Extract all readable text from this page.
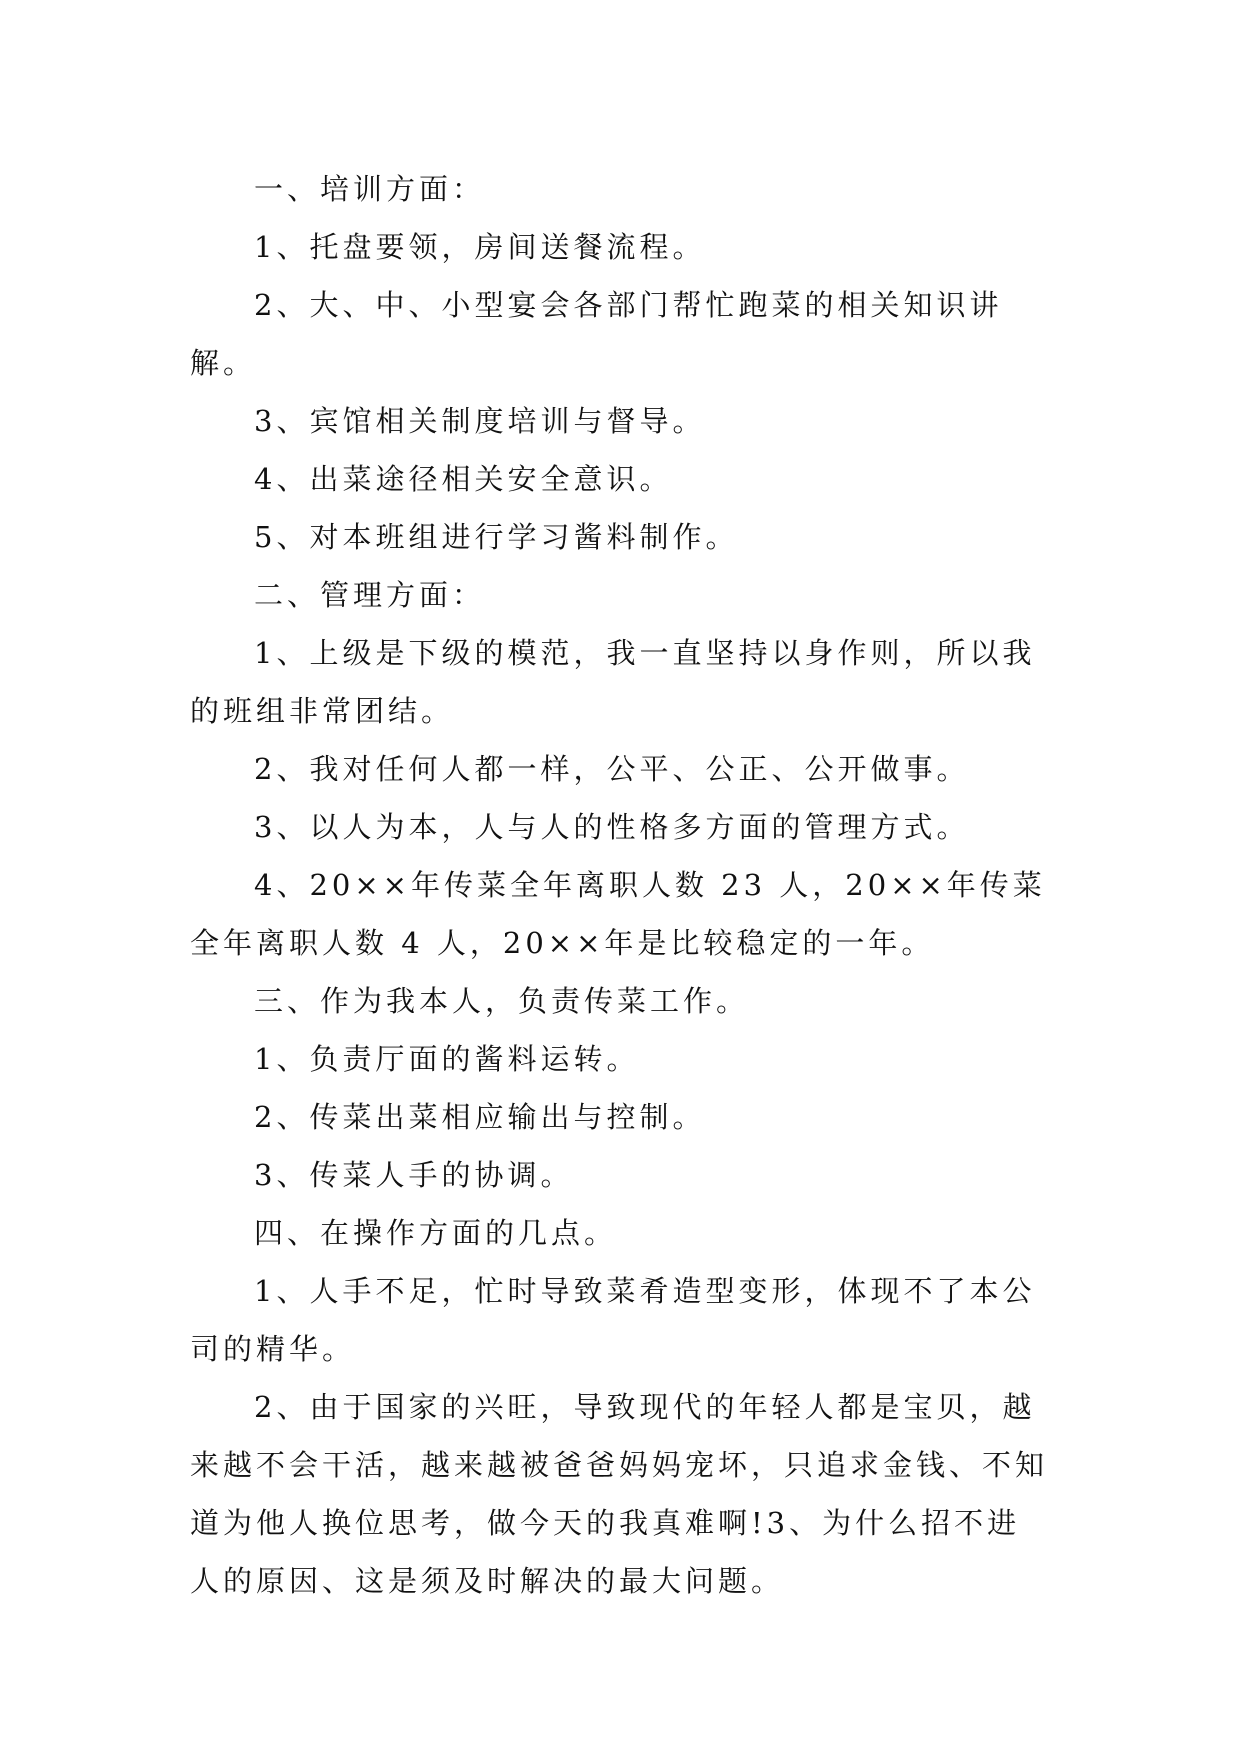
一、培训方面：

1、托盘要领，房间送餐流程。

2、大、中、小型宴会各部门帮忙跑菜的相关知识讲解。

3、宾馆相关制度培训与督导。

4、出菜途径相关安全意识。

5、对本班组进行学习酱料制作。

二、管理方面：

1、上级是下级的模范，我一直坚持以身作则，所以我的班组非常团结。

2、我对任何人都一样，公平、公正、公开做事。

3、以人为本，人与人的性格多方面的管理方式。

4、20××年传菜全年离职人数 23 人，20××年传菜全年离职人数 4 人，20××年是比较稳定的一年。

三、作为我本人，负责传菜工作。

1、负责厅面的酱料运转。

2、传菜出菜相应输出与控制。

3、传菜人手的协调。

四、在操作方面的几点。

1、人手不足，忙时导致菜肴造型变形，体现不了本公司的精华。

2、由于国家的兴旺，导致现代的年轻人都是宝贝，越来越不会干活，越来越被爸爸妈妈宠坏，只追求金钱、不知道为他人换位思考，做今天的我真难啊!3、为什么招不进人的原因、这是须及时解决的最大问题。
